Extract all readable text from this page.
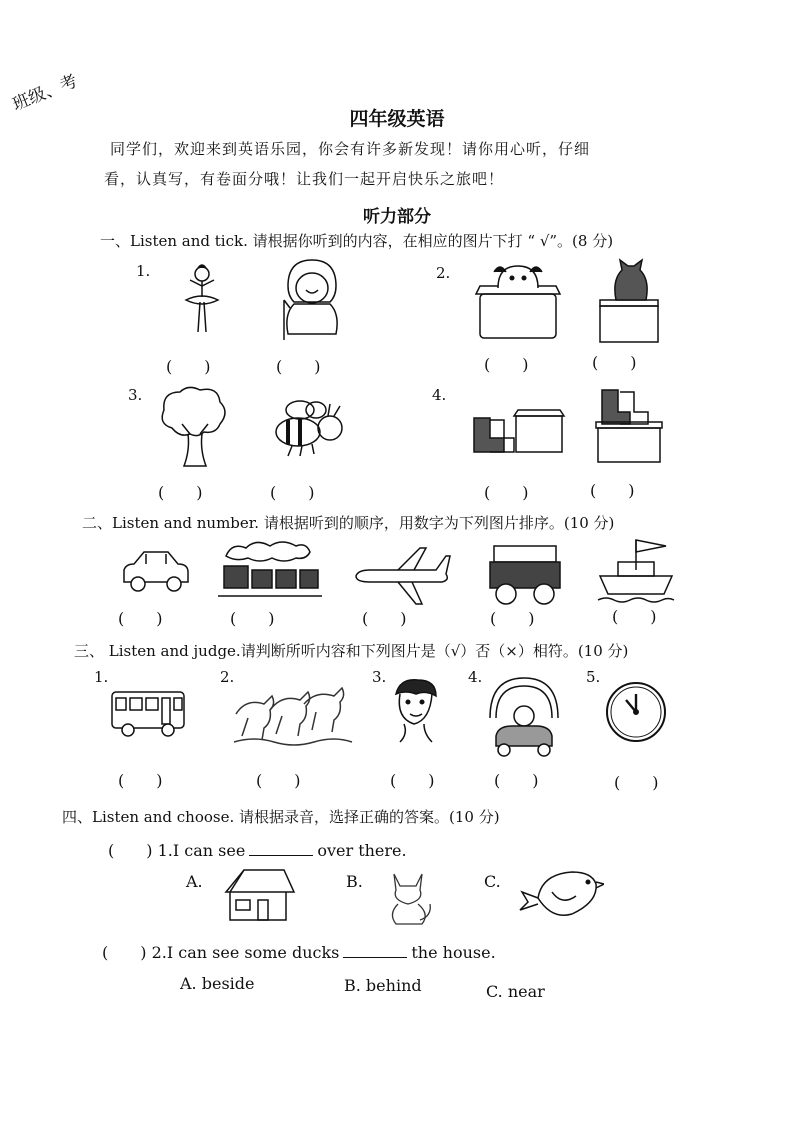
班级、考
四年级英语
同学们，欢迎来到英语乐园，你会有许多新发现！请你用心听，仔细
看，认真写，有卷面分哦！让我们一起开启快乐之旅吧！
听力部分
一、Listen and tick. 请根据你听到的内容，在相应的图片下打 “ √”。(8 分)
1.	2.
3.	4.
(　　)	(　　)	(　　)	(　　)
(　　)	(　　)	(　　)	(　　)
二、Listen and number. 请根据听到的顺序，用数字为下列图片排序。(10 分)
(　　)	(　　)	(　　)	(　　)	(　　)
三、 Listen and judge.请判断所听内容和下列图片是（√）否（×）相符。(10 分)
1.	2.	3.	4.	5.
(　　)	(　　)	(　　)	(　　)	(　　)
四、Listen and choose. 请根据录音，选择正确的答案。(10 分)
(　　) 1.I can see	over there.
A.	B.	C.
(　　) 2.I can see some ducks	the house.
A. beside	B. behind	C. near
